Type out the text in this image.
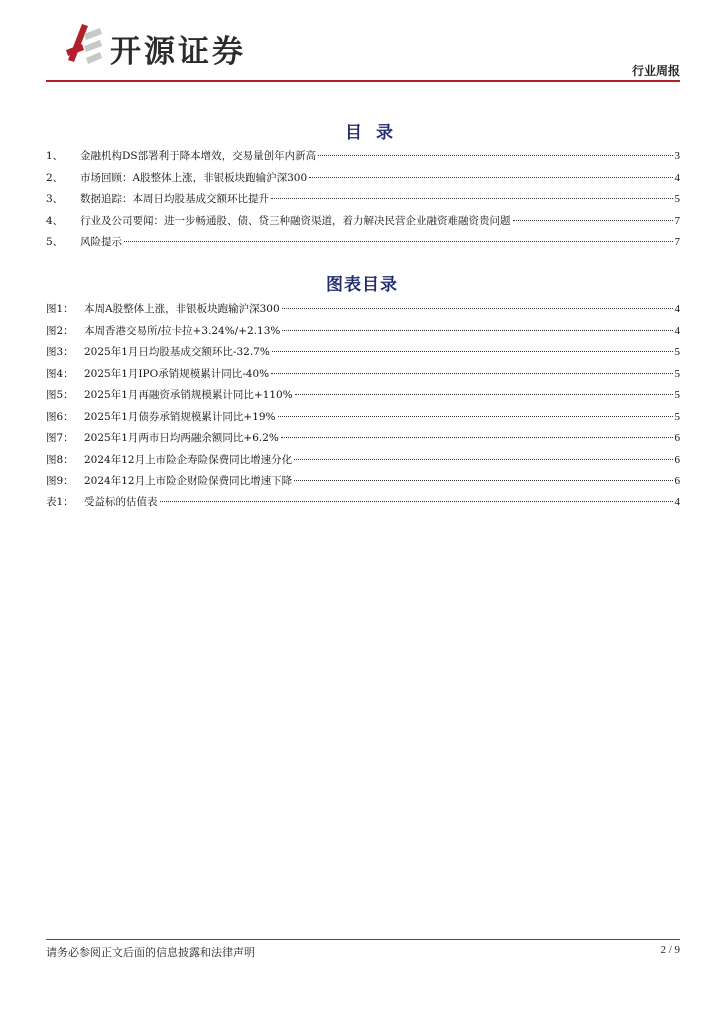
开源证券
行业周报
目录
1、	金融机构DS部署利于降本增效，交易量创年内新高	3
2、	市场回顾：A股整体上涨，非银板块跑输沪深300	4
3、	数据追踪：本周日均股基成交额环比提升	5
4、	行业及公司要闻：进一步畅通股、债、贷三种融资渠道，着力解决民营企业融资难融资贵问题	7
5、	风险提示	7
图表目录
图1： 本周A股整体上涨，非银板块跑输沪深300	4
图2： 本周香港交易所/拉卡拉+3.24%/+2.13%	4
图3： 2025年1月日均股基成交额环比-32.7%	5
图4： 2025年1月IPO承销规模累计同比-40%	5
图5： 2025年1月再融资承销规模累计同比+110%	5
图6： 2025年1月债券承销规模累计同比+19%	5
图7： 2025年1月两市日均两融余额同比+6.2%	6
图8： 2024年12月上市险企寿险保费同比增速分化	6
图9： 2024年12月上市险企财险保费同比增速下降	6
表1： 受益标的估值表	4
请务必参阅正文后面的信息披露和法律声明	2 / 9
